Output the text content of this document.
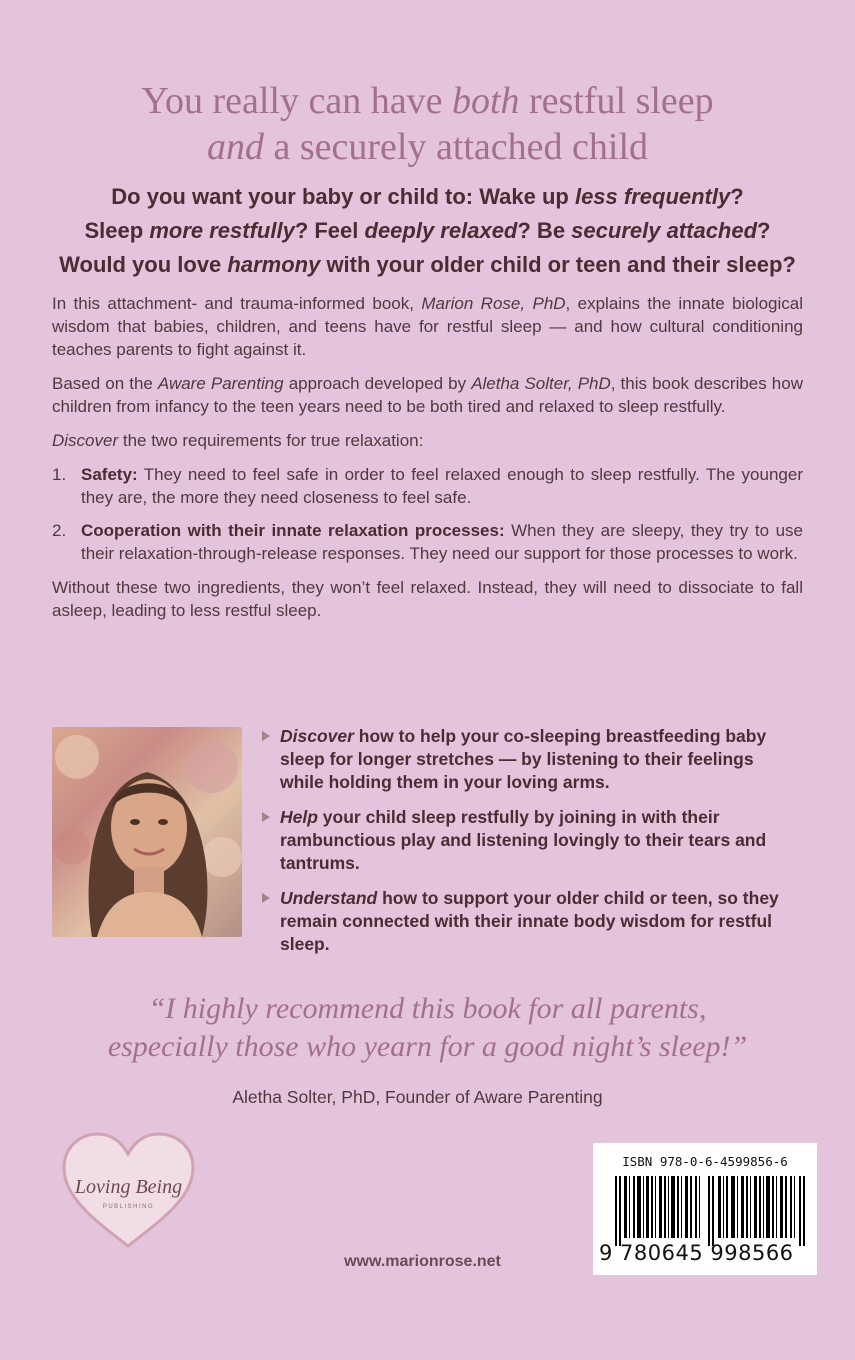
You really can have both restful sleep
and a securely attached child
Do you want your baby or child to: Wake up less frequently?
Sleep more restfully? Feel deeply relaxed? Be securely attached?
Would you love harmony with your older child or teen and their sleep?

In this attachment- and trauma-informed book, Marion Rose, PhD, explains the innate biological wisdom that babies, children, and teens have for restful sleep — and how cultural conditioning teaches parents to fight against it.

Based on the Aware Parenting approach developed by Aletha Solter, PhD, this book describes how children from infancy to the teen years need to be both tired and relaxed to sleep restfully.

Discover the two requirements for true relaxation:

1. Safety: They need to feel safe in order to feel relaxed enough to sleep restfully. The younger they are, the more they need closeness to feel safe.
2. Cooperation with their innate relaxation processes: When they are sleepy, they try to use their relaxation-through-release responses. They need our support for those processes to work.

Without these two ingredients, they won’t feel relaxed. Instead, they will need to dissociate to fall asleep, leading to less restful sleep.

Discover how to help your co-sleeping breastfeeding baby sleep for longer stretches — by listening to their feelings while holding them in your loving arms.
Help your child sleep restfully by joining in with their rambunctious play and listening lovingly to their tears and tantrums.
Understand how to support your older child or teen, so they remain connected with their innate body wisdom for restful sleep.
“I highly recommend this book for all parents,
especially those who yearn for a good night’s sleep!”
Aletha Solter, PhD, Founder of Aware Parenting
Loving Being
PUBLISHING
www.marionrose.net
ISBN 978-0-6-4599856-6
9 780645 998566
